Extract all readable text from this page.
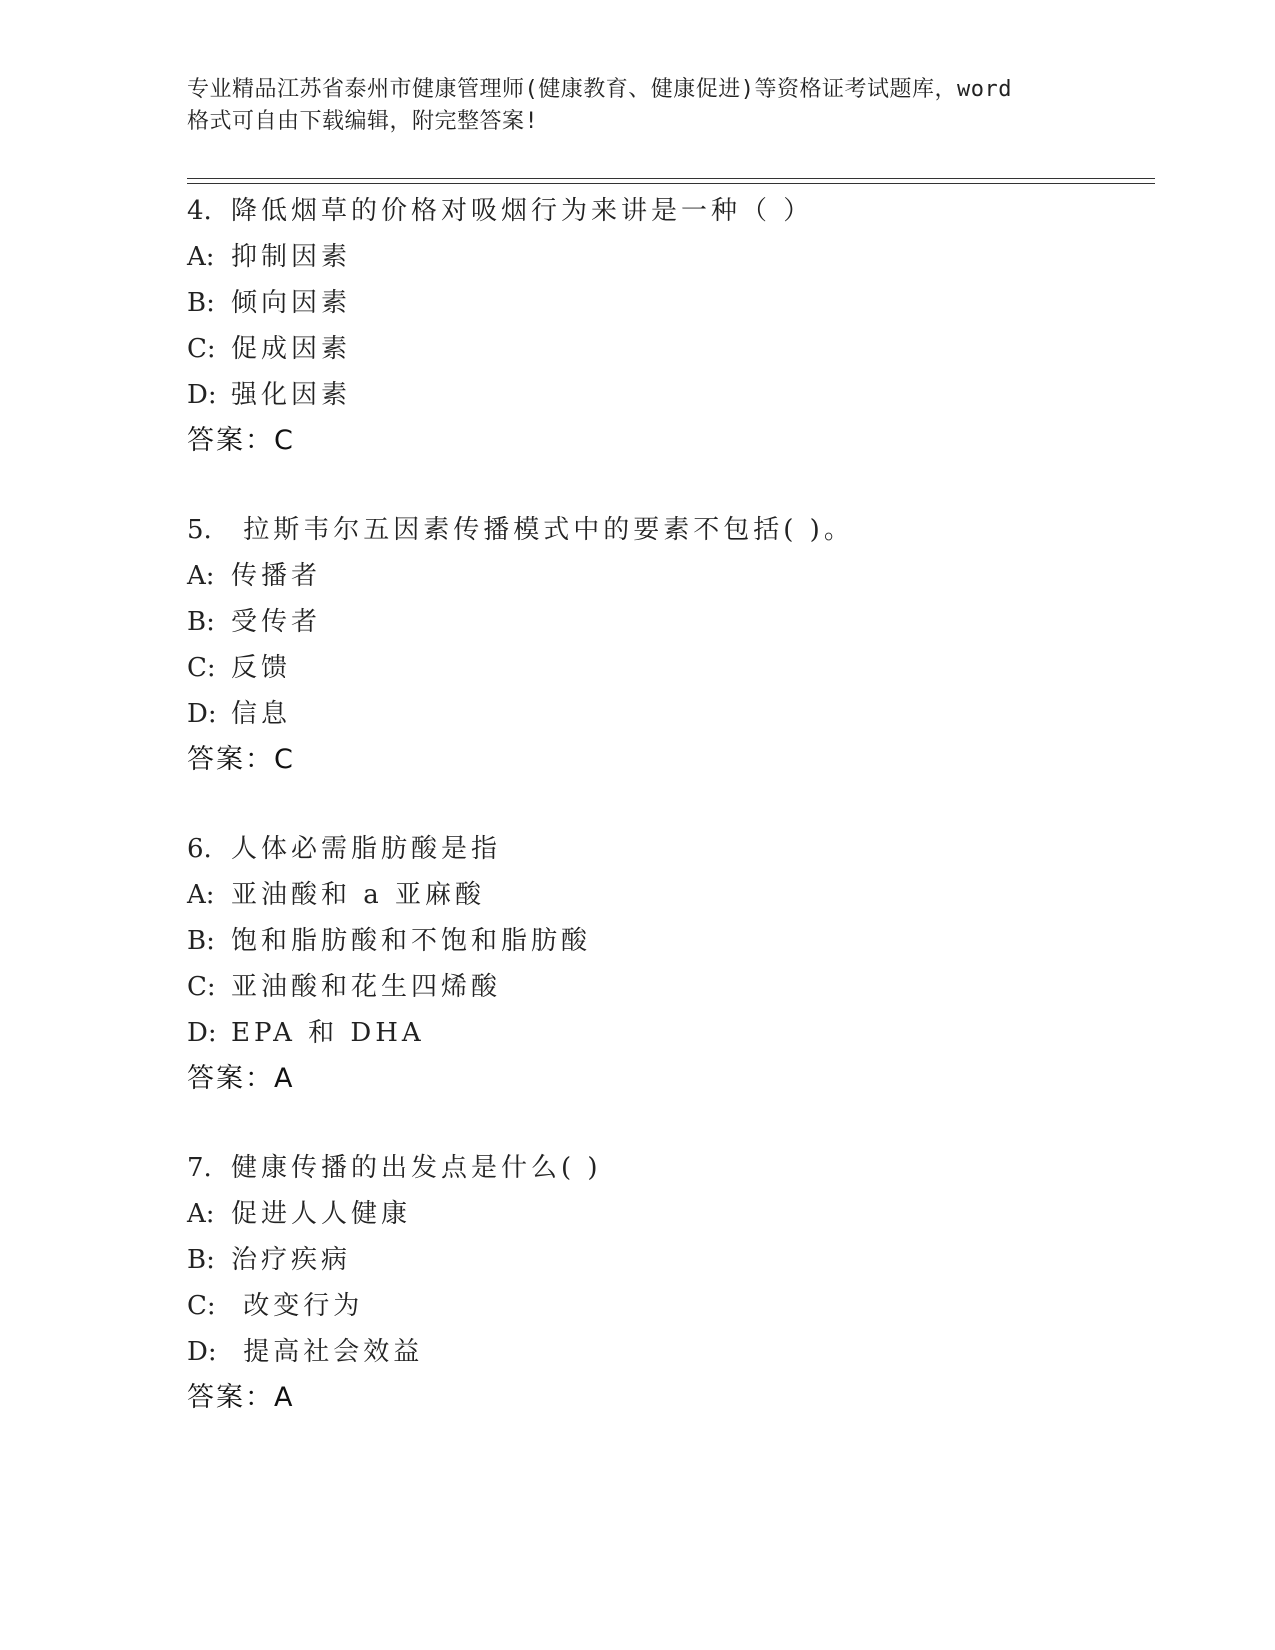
专业精品江苏省泰州市健康管理师(健康教育、健康促进)等资格证考试题库，word
格式可自由下载编辑，附完整答案!
4. 降低烟草的价格对吸烟行为来讲是一种（ ）
A: 抑制因素
B: 倾向因素
C: 促成因素
D: 强化因素
答案：C
5. 拉斯韦尔五因素传播模式中的要素不包括( )。
A: 传播者
B: 受传者
C: 反馈
D: 信息
答案：C
6. 人体必需脂肪酸是指
A: 亚油酸和 a 亚麻酸
B: 饱和脂肪酸和不饱和脂肪酸
C: 亚油酸和花生四烯酸
D: EPA 和 DHA
答案：A
7. 健康传播的出发点是什么( )
A: 促进人人健康
B: 治疗疾病
C: 改变行为
D: 提高社会效益
答案：A
